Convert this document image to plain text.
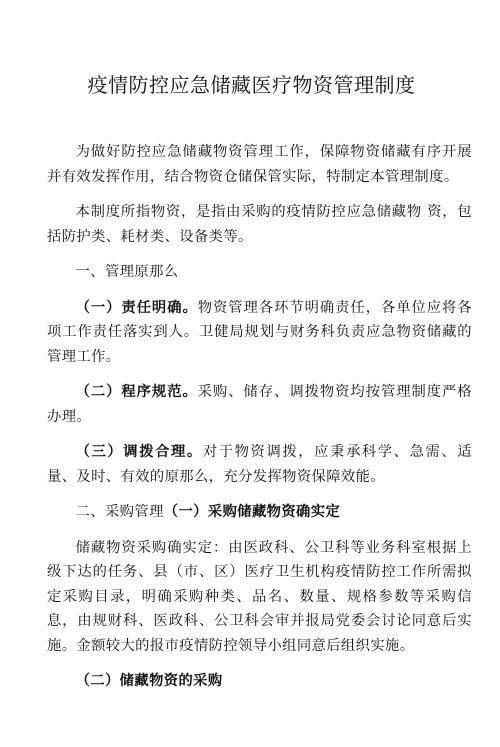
疫情防控应急储藏医疗物资管理制度

为做好防控应急储藏物资管理工作，保障物资储藏有序开展并有效发挥作用，结合物资仓储保管实际，特制定本管理制度。

本制度所指物资，是指由采购的疫情防控应急储藏物 资，包括防护类、耗材类、设备类等。

一、管理原那么

（一）责任明确。物资管理各环节明确责任，各单位应将各项工作责任落实到人。卫健局规划与财务科负责应急物资储藏的管理工作。

（二）程序规范。采购、储存、调拨物资均按管理制度严格办理。

（三）调拨合理。对于物资调拨，应秉承科学、急需、适量、及时、有效的原那么，充分发挥物资保障效能。

二、采购管理（一）采购储藏物资确实定

储藏物资采购确实定：由医政科、公卫科等业务科室根据上级下达的任务、县（市、区）医疗卫生机构疫情防控工作所需拟定采购目录，明确采购种类、品名、数量、规格参数等采购信息，由规财科、医政科、公卫科会审并报局党委会讨论同意后实施。金额较大的报市疫情防控领导小组同意后组织实施。

（二）储藏物资的采购
